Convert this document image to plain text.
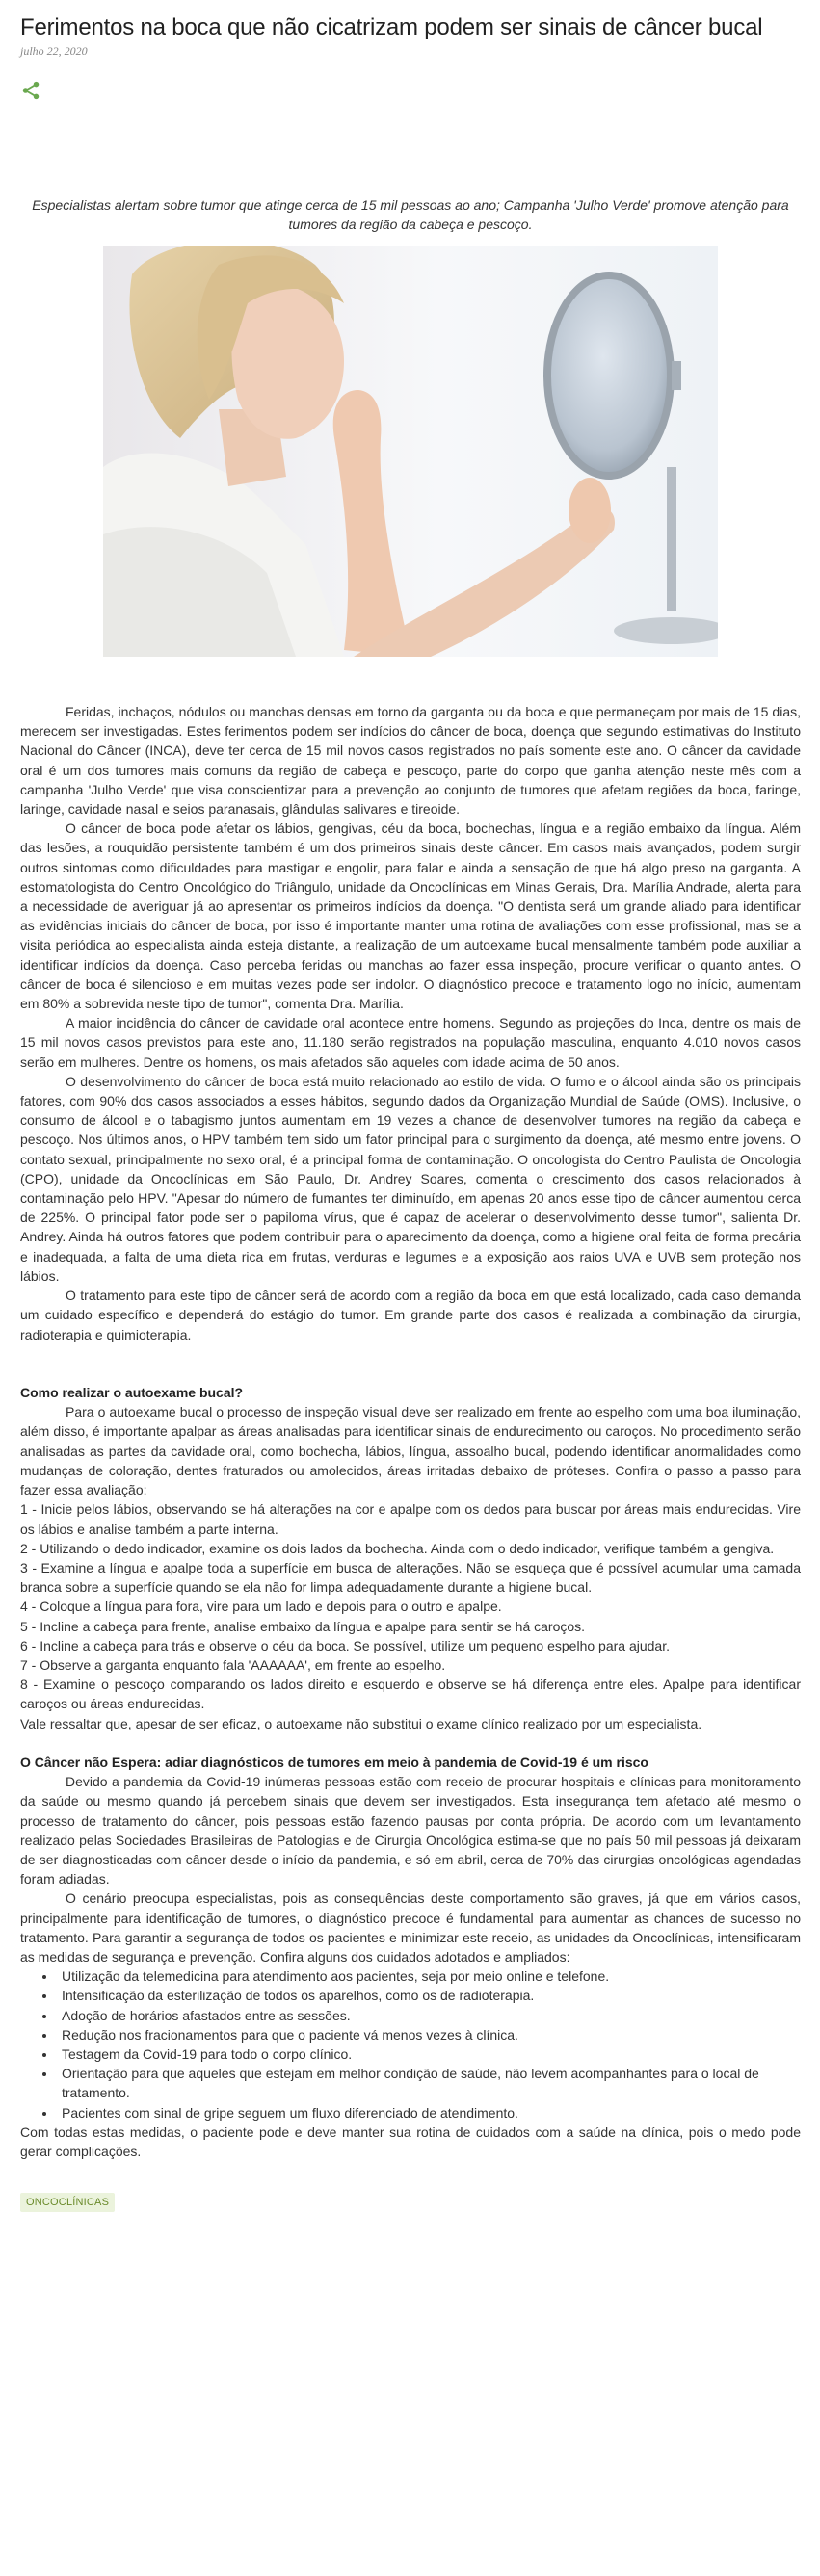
Ferimentos na boca que não cicatrizam podem ser sinais de câncer bucal
julho 22, 2020
Especialistas alertam sobre tumor que atinge cerca de 15 mil pessoas ao ano; Campanha 'Julho Verde' promove atenção para tumores da região da cabeça e pescoço.

Feridas, inchaços, nódulos ou manchas densas em torno da garganta ou da boca e que permaneçam por mais de 15 dias, merecem ser investigadas. Estes ferimentos podem ser indícios do câncer de boca, doença que segundo estimativas do Instituto Nacional do Câncer (INCA), deve ter cerca de 15 mil novos casos registrados no país somente este ano. O câncer da cavidade oral é um dos tumores mais comuns da região de cabeça e pescoço, parte do corpo que ganha atenção neste mês com a campanha 'Julho Verde' que visa conscientizar para a prevenção ao conjunto de tumores que afetam regiões da boca, faringe, laringe, cavidade nasal e seios paranasais, glândulas salivares e tireoide.

O câncer de boca pode afetar os lábios, gengivas, céu da boca, bochechas, língua e a região embaixo da língua. Além das lesões, a rouquidão persistente também é um dos primeiros sinais deste câncer. Em casos mais avançados, podem surgir outros sintomas como dificuldades para mastigar e engolir, para falar e ainda a sensação de que há algo preso na garganta. A estomatologista do Centro Oncológico do Triângulo, unidade da Oncoclínicas em Minas Gerais, Dra. Marília Andrade, alerta para a necessidade de averiguar já ao apresentar os primeiros indícios da doença. "O dentista será um grande aliado para identificar as evidências iniciais do câncer de boca, por isso é importante manter uma rotina de avaliações com esse profissional, mas se a visita periódica ao especialista ainda esteja distante, a realização de um autoexame bucal mensalmente também pode auxiliar a identificar indícios da doença. Caso perceba feridas ou manchas ao fazer essa inspeção, procure verificar o quanto antes. O câncer de boca é silencioso e em muitas vezes pode ser indolor. O diagnóstico precoce e tratamento logo no início, aumentam em 80% a sobrevida neste tipo de tumor", comenta Dra. Marília.

A maior incidência do câncer de cavidade oral acontece entre homens. Segundo as projeções do Inca, dentre os mais de 15 mil novos casos previstos para este ano, 11.180 serão registrados na população masculina, enquanto 4.010 novos casos serão em mulheres. Dentre os homens, os mais afetados são aqueles com idade acima de 50 anos.

O desenvolvimento do câncer de boca está muito relacionado ao estilo de vida. O fumo e o álcool ainda são os principais fatores, com 90% dos casos associados a esses hábitos, segundo dados da Organização Mundial de Saúde (OMS). Inclusive, o consumo de álcool e o tabagismo juntos aumentam em 19 vezes a chance de desenvolver tumores na região da cabeça e pescoço. Nos últimos anos, o HPV também tem sido um fator principal para o surgimento da doença, até mesmo entre jovens. O contato sexual, principalmente no sexo oral, é a principal forma de contaminação. O oncologista do Centro Paulista de Oncologia (CPO), unidade da Oncoclínicas em São Paulo, Dr. Andrey Soares, comenta o crescimento dos casos relacionados à contaminação pelo HPV. "Apesar do número de fumantes ter diminuído, em apenas 20 anos esse tipo de câncer aumentou cerca de 225%. O principal fator pode ser o papiloma vírus, que é capaz de acelerar o desenvolvimento desse tumor", salienta Dr. Andrey. Ainda há outros fatores que podem contribuir para o aparecimento da doença, como a higiene oral feita de forma precária e inadequada, a falta de uma dieta rica em frutas, verduras e legumes e a exposição aos raios UVA e UVB sem proteção nos lábios.

O tratamento para este tipo de câncer será de acordo com a região da boca em que está localizado, cada caso demanda um cuidado específico e dependerá do estágio do tumor. Em grande parte dos casos é realizada a combinação da cirurgia, radioterapia e quimioterapia.

Como realizar o autoexame bucal?

Para o autoexame bucal o processo de inspeção visual deve ser realizado em frente ao espelho com uma boa iluminação, além disso, é importante apalpar as áreas analisadas para identificar sinais de endurecimento ou caroços. No procedimento serão analisadas as partes da cavidade oral, como bochecha, lábios, língua, assoalho bucal, podendo identificar anormalidades como mudanças de coloração, dentes fraturados ou amolecidos, áreas irritadas debaixo de próteses. Confira o passo a passo para fazer essa avaliação:

1 - Inicie pelos lábios, observando se há alterações na cor e apalpe com os dedos para buscar por áreas mais endurecidas. Vire os lábios e analise também a parte interna.

2 - Utilizando o dedo indicador, examine os dois lados da bochecha. Ainda com o dedo indicador, verifique também a gengiva.

3 - Examine a língua e apalpe toda a superfície em busca de alterações. Não se esqueça que é possível acumular uma camada branca sobre a superfície quando se ela não for limpa adequadamente durante a higiene bucal.

4 - Coloque a língua para fora, vire para um lado e depois para o outro e apalpe.

5 - Incline a cabeça para frente, analise embaixo da língua e apalpe para sentir se há caroços.

6 - Incline a cabeça para trás e observe o céu da boca. Se possível, utilize um pequeno espelho para ajudar.

7 - Observe a garganta enquanto fala 'AAAAAA', em frente ao espelho.

8 - Examine o pescoço comparando os lados direito e esquerdo e observe se há diferença entre eles. Apalpe para identificar caroços ou áreas endurecidas.

Vale ressaltar que, apesar de ser eficaz, o autoexame não substitui o exame clínico realizado por um especialista.

O Câncer não Espera: adiar diagnósticos de tumores em meio à pandemia de Covid-19 é um risco

Devido a pandemia da Covid-19 inúmeras pessoas estão com receio de procurar hospitais e clínicas para monitoramento da saúde ou mesmo quando já percebem sinais que devem ser investigados. Esta insegurança tem afetado até mesmo o processo de tratamento do câncer, pois pessoas estão fazendo pausas por conta própria. De acordo com um levantamento realizado pelas Sociedades Brasileiras de Patologias e de Cirurgia Oncológica estima-se que no país 50 mil pessoas já deixaram de ser diagnosticadas com câncer desde o início da pandemia, e só em abril, cerca de 70% das cirurgias oncológicas agendadas foram adiadas.

O cenário preocupa especialistas, pois as consequências deste comportamento são graves, já que em vários casos, principalmente para identificação de tumores, o diagnóstico precoce é fundamental para aumentar as chances de sucesso no tratamento. Para garantir a segurança de todos os pacientes e minimizar este receio, as unidades da Oncoclínicas, intensificaram as medidas de segurança e prevenção. Confira alguns dos cuidados adotados e ampliados:

• Utilização da telemedicina para atendimento aos pacientes, seja por meio online e telefone.
• Intensificação da esterilização de todos os aparelhos, como os de radioterapia.
• Adoção de horários afastados entre as sessões.
• Redução nos fracionamentos para que o paciente vá menos vezes à clínica.
• Testagem da Covid-19 para todo o corpo clínico.
• Orientação para que aqueles que estejam em melhor condição de saúde, não levem acompanhantes para o local de tratamento.
• Pacientes com sinal de gripe seguem um fluxo diferenciado de atendimento.

Com todas estas medidas, o paciente pode e deve manter sua rotina de cuidados com a saúde na clínica, pois o medo pode gerar complicações.

ONCOCLÍNICAS
